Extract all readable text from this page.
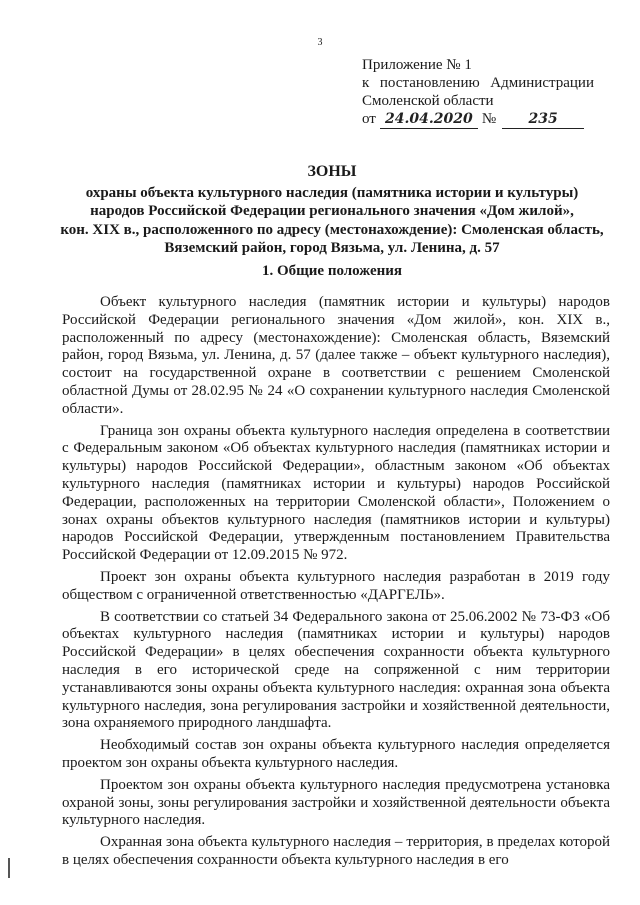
3
Приложение № 1
к постановлению Администрации
Смоленской области
от 24.04.2020 №	235
ЗОНЫ
охраны объекта культурного наследия (памятника истории и культуры)
народов Российской Федерации регионального значения «Дом жилой»,
кон. XIX в., расположенного по адресу (местонахождение): Смоленская область,
Вяземский район, город Вязьма, ул. Ленина, д. 57
1. Общие положения

Объект культурного наследия (памятник истории и культуры) народов Российской Федерации регионального значения «Дом жилой», кон. XIX в., расположенный по адресу (местонахождение): Смоленская область, Вяземский район, город Вязьма, ул. Ленина, д. 57 (далее также – объект культурного наследия), состоит на государственной охране в соответствии с решением Смоленской областной Думы от 28.02.95 № 24 «О сохранении культурного наследия Смоленской области».

Граница зон охраны объекта культурного наследия определена в соответствии с Федеральным законом «Об объектах культурного наследия (памятниках истории и культуры) народов Российской Федерации», областным законом «Об объектах культурного наследия (памятниках истории и культуры) народов Российской Федерации, расположенных на территории Смоленской области», Положением о зонах охраны объектов культурного наследия (памятников истории и культуры) народов Российской Федерации, утвержденным постановлением Правительства Российской Федерации от 12.09.2015 № 972.

Проект зон охраны объекта культурного наследия разработан в 2019 году обществом с ограниченной ответственностью «ДАРГЕЛЬ».

В соответствии со статьей 34 Федерального закона от 25.06.2002 № 73-ФЗ «Об объектах культурного наследия (памятниках истории и культуры) народов Российской Федерации» в целях обеспечения сохранности объекта культурного наследия в его исторической среде на сопряженной с ним территории устанавливаются зоны охраны объекта культурного наследия: охранная зона объекта культурного наследия, зона регулирования застройки и хозяйственной деятельности, зона охраняемого природного ландшафта.

Необходимый состав зон охраны объекта культурного наследия определяется проектом зон охраны объекта культурного наследия.

Проектом зон охраны объекта культурного наследия предусмотрена установка охраной зоны, зоны регулирования застройки и хозяйственной деятельности объекта культурного наследия.

Охранная зона объекта культурного наследия – территория, в пределах которой в целях обеспечения сохранности объекта культурного наследия в его
